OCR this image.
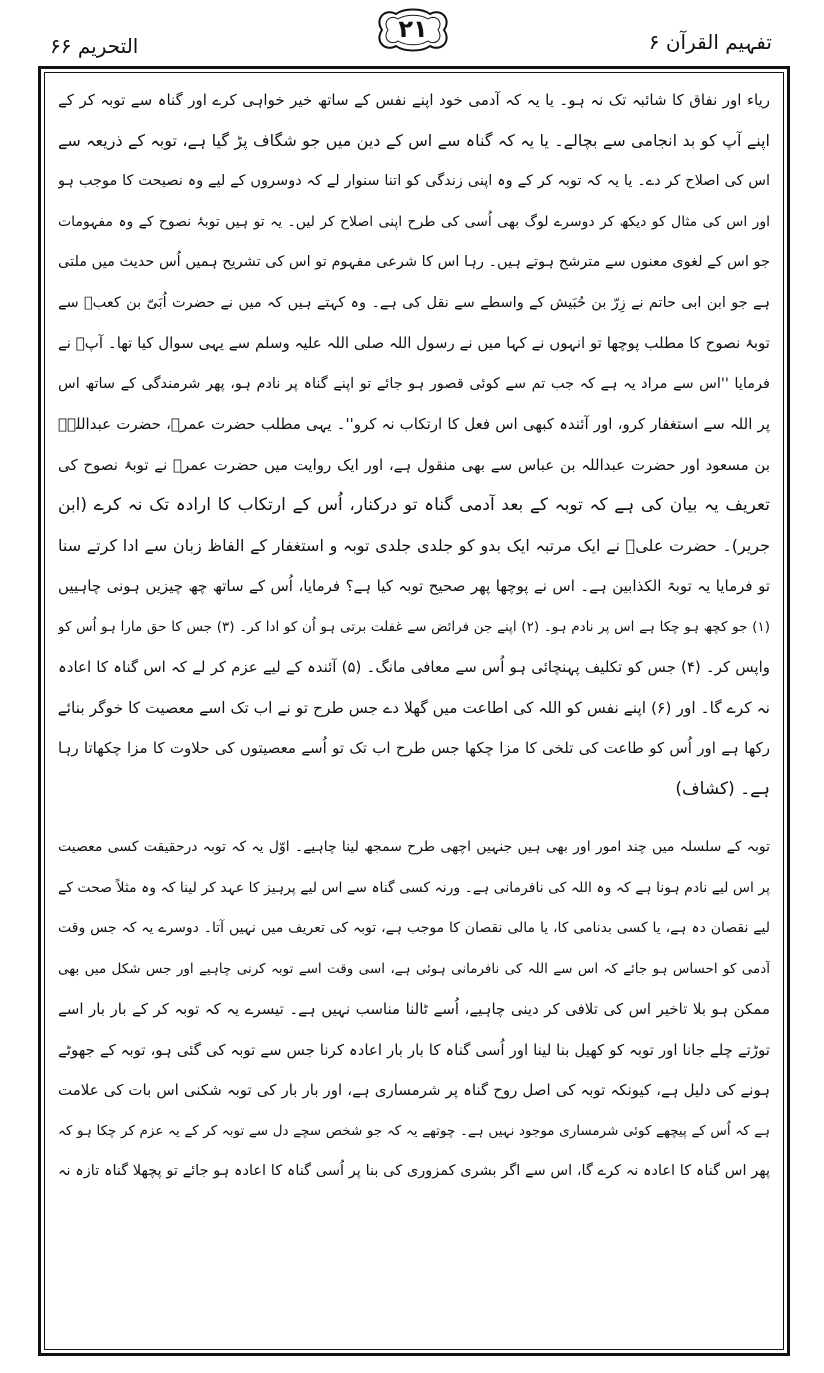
تفہیم القرآن ۶
۲۱
التحریم ۶۶
ریاء اور نفاق کا شائبہ تک نہ ہو۔ یا یہ کہ آدمی خود اپنے نفس کے ساتھ خیر خواہی کرے اور گناہ سے توبہ کر کے
اپنے آپ کو بد انجامی سے بچالے۔ یا یہ کہ گناہ سے اس کے دین میں جو شگاف پڑ گیا ہے، توبہ کے ذریعہ سے
اس کی اصلاح کر دے۔ یا یہ کہ توبہ کر کے وہ اپنی زندگی کو اتنا سنوار لے کہ دوسروں کے لیے وہ نصیحت کا موجب ہو
اور اس کی مثال کو دیکھ کر دوسرے لوگ بھی اُسی کی طرح اپنی اصلاح کر لیں۔ یہ تو ہیں توبۂ نصوح کے وہ مفہومات
جو اس کے لغوی معنوں سے مترشح ہوتے ہیں۔ رہا اس کا شرعی مفہوم تو اس کی تشریح ہمیں اُس حدیث میں ملتی
ہے جو ابن ابی حاتم نے زِرّ بن حُبَیش کے واسطے سے نقل کی ہے۔ وہ کہتے ہیں کہ میں نے حضرت اُبَیّ بن کعبؓ سے
توبۂ نصوح کا مطلب پوچھا تو انہوں نے کہا میں نے رسول اللہ صلی اللہ علیہ وسلم سے یہی سوال کیا تھا۔ آپؐ نے
فرمایا ''اس سے مراد یہ ہے کہ جب تم سے کوئی قصور ہو جائے تو اپنے گناہ پر نادم ہو، پھر شرمندگی کے ساتھ اس
پر اللہ سے استغفار کرو، اور آئندہ کبھی اس فعل کا ارتکاب نہ کرو''۔ یہی مطلب حضرت عمرؓ، حضرت عبداللہؓ
بن مسعود اور حضرت عبداللہ بن عباس سے بھی منقول ہے، اور ایک روایت میں حضرت عمرؓ نے توبۂ نصوح کی
تعریف یہ بیان کی ہے کہ توبہ کے بعد آدمی گناہ تو درکنار، اُس کے ارتکاب کا ارادہ تک نہ کرے (ابن
جریر)۔ حضرت علیؓ نے ایک مرتبہ ایک بدو کو جلدی جلدی توبہ و استغفار کے الفاظ زبان سے ادا کرتے سنا
تو فرمایا یہ توبۃ الکذابین ہے۔ اس نے پوچھا پھر صحیح توبہ کیا ہے؟ فرمایا، اُس کے ساتھ چھ چیزیں ہونی چاہییں
(۱) جو کچھ ہو چکا ہے اس پر نادم ہو۔ (۲) اپنے جن فرائض سے غفلت برتی ہو اُن کو ادا کر۔ (۳) جس کا حق مارا ہو اُس کو
واپس کر۔ (۴) جس کو تکلیف پہنچائی ہو اُس سے معافی مانگ۔ (۵) آئندہ کے لیے عزم کر لے کہ اس گناہ کا اعادہ
نہ کرے گا۔ اور (۶) اپنے نفس کو اللہ کی اطاعت میں گھلا دے جس طرح تو نے اب تک اسے معصیت کا خوگر بنائے
رکھا ہے اور اُس کو طاعت کی تلخی کا مزا چکھا جس طرح اب تک تو اُسے معصیتوں کی حلاوت کا مزا چکھاتا رہا
ہے۔ (کشاف)
توبہ کے سلسلہ میں چند امور اور بھی ہیں جنہیں اچھی طرح سمجھ لینا چاہیے۔ اوّل یہ کہ توبہ درحقیقت کسی معصیت
پر اس لیے نادم ہونا ہے کہ وہ اللہ کی نافرمانی ہے۔ ورنہ کسی گناہ سے اس لیے پرہیز کا عہد کر لینا کہ وہ مثلاً صحت کے
لیے نقصان دہ ہے، یا کسی بدنامی کا، یا مالی نقصان کا موجب ہے، توبہ کی تعریف میں نہیں آتا۔ دوسرے یہ کہ جس وقت
آدمی کو احساس ہو جائے کہ اس سے اللہ کی نافرمانی ہوئی ہے، اسی وقت اسے توبہ کرنی چاہیے اور جس شکل میں بھی
ممکن ہو بلا تاخیر اس کی تلافی کر دینی چاہیے، اُسے ٹالنا مناسب نہیں ہے۔ تیسرے یہ کہ توبہ کر کے بار بار اسے
توڑتے چلے جانا اور توبہ کو کھیل بنا لینا اور اُسی گناہ کا بار بار اعادہ کرنا جس سے توبہ کی گئی ہو، توبہ کے جھوٹے
ہونے کی دلیل ہے، کیونکہ توبہ کی اصل روح گناہ پر شرمساری ہے، اور بار بار کی توبہ شکنی اس بات کی علامت
ہے کہ اُس کے پیچھے کوئی شرمساری موجود نہیں ہے۔ چوتھے یہ کہ جو شخص سچے دل سے توبہ کر کے یہ عزم کر چکا ہو کہ
پھر اس گناہ کا اعادہ نہ کرے گا، اس سے اگر بشری کمزوری کی بنا پر اُسی گناہ کا اعادہ ہو جائے تو پچھلا گناہ تازہ نہ
